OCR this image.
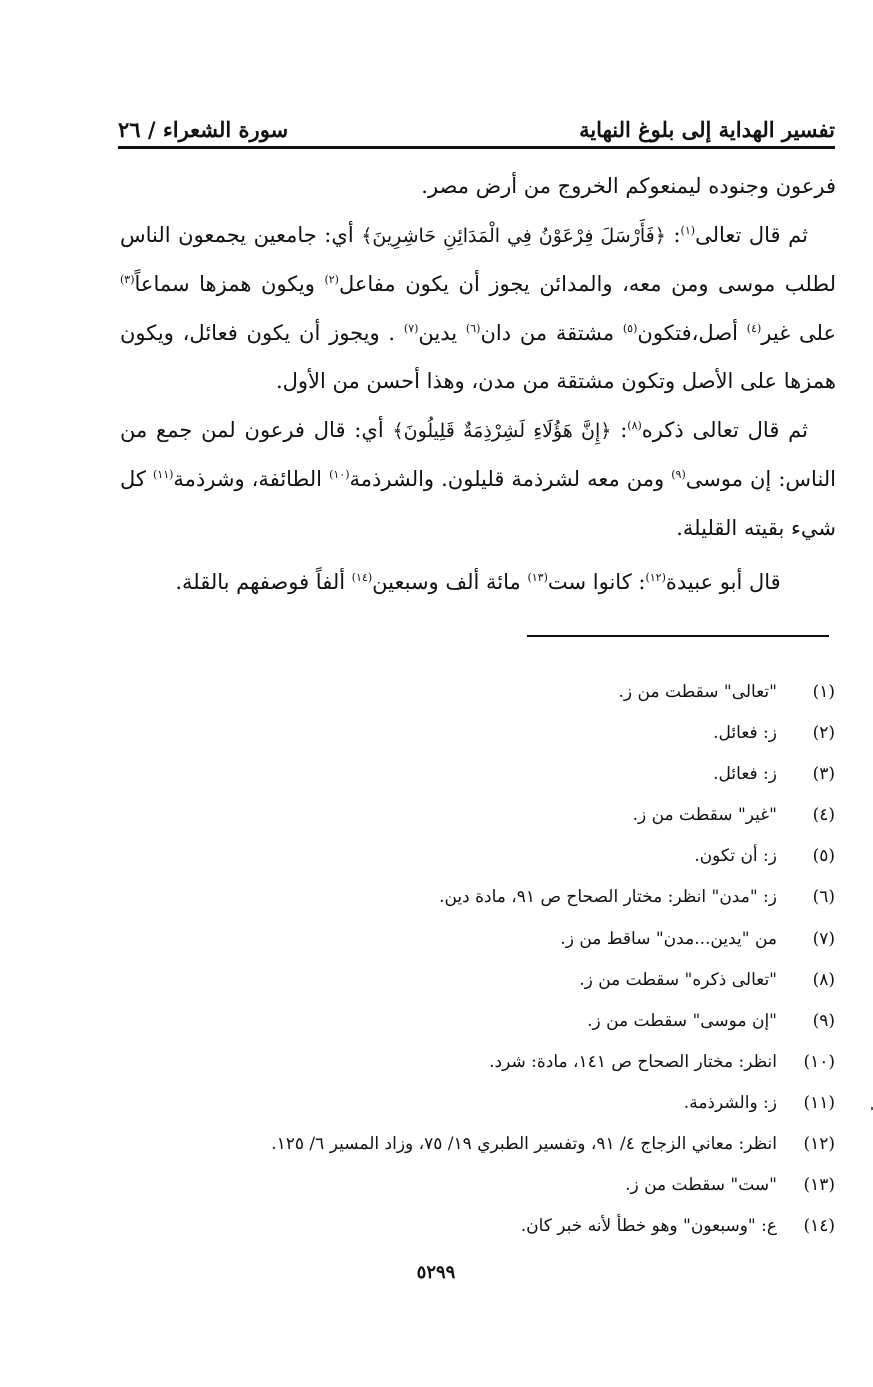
تفسير الهداية إلى بلوغ النهاية
سورة الشعراء / ٢٦

فرعون وجنوده ليمنعوكم الخروج من أرض مصر.

ثم قال تعالى$^{(١)}$: ﴿فَأَرْسَلَ فِرْعَوْنُ فِي الْمَدَائِنِ حَاشِرِينَ﴾ أي: جامعين يجمعون الناس لطلب موسى ومن معه، والمدائن يجوز أن يكون مفاعل$^{(٢)}$ ويكون همزها سماعاً$^{(٣)}$ على غير$^{(٤)}$ أصل،فتكون$^{(٥)}$ مشتقة من دان$^{(٦)}$ يدين$^{(٧)}$ . ويجوز أن يكون فعائل، ويكون همزها على الأصل وتكون مشتقة من مدن، وهذا أحسن من الأول.

ثم قال تعالى ذكره$^{(٨)}$: ﴿إِنَّ هَؤُلَاءِ لَشِرْذِمَةٌ قَلِيلُونَ﴾ أي: قال فرعون لمن جمع من الناس: إن موسى$^{(٩)}$ ومن معه لشرذمة قليلون. والشرذمة$^{(١٠)}$ الطائفة، وشرذمة$^{(١١)}$ كل شيء بقيته القليلة.

قال أبو عبيدة$^{(١٢)}$: كانوا ست$^{(١٣)}$ مائة ألف وسبعين$^{(١٤)}$ ألفاً فوصفهم بالقلة.

(١)
"تعالى" سقطت من ز.
(٢)
ز: فعائل.
(٣)
ز: فعائل.
(٤)
"غير" سقطت من ز.
(٥)
ز: أن تكون.
(٦)
ز: "مدن" انظر: مختار الصحاح ص ٩١، مادة دين.
(٧)
من "يدين...مدن" ساقط من ز.
(٨)
"تعالى ذكره" سقطت من ز.
(٩)
"إن موسى" سقطت من ز.
(١٠)
انظر: مختار الصحاح ص ١٤١، مادة: شرد.
(١١)
ز: والشرذمة.
(١٢)
انظر: معاني الزجاج ٤/ ٩١، وتفسير الطبري ١٩/ ٧٥، وزاد المسير ٦/ ١٢٥.
(١٣)
"ست" سقطت من ز.
(١٤)
ع: "وسبعون" وهو خطأ لأنه خبر كان.
٥٢٩٩
